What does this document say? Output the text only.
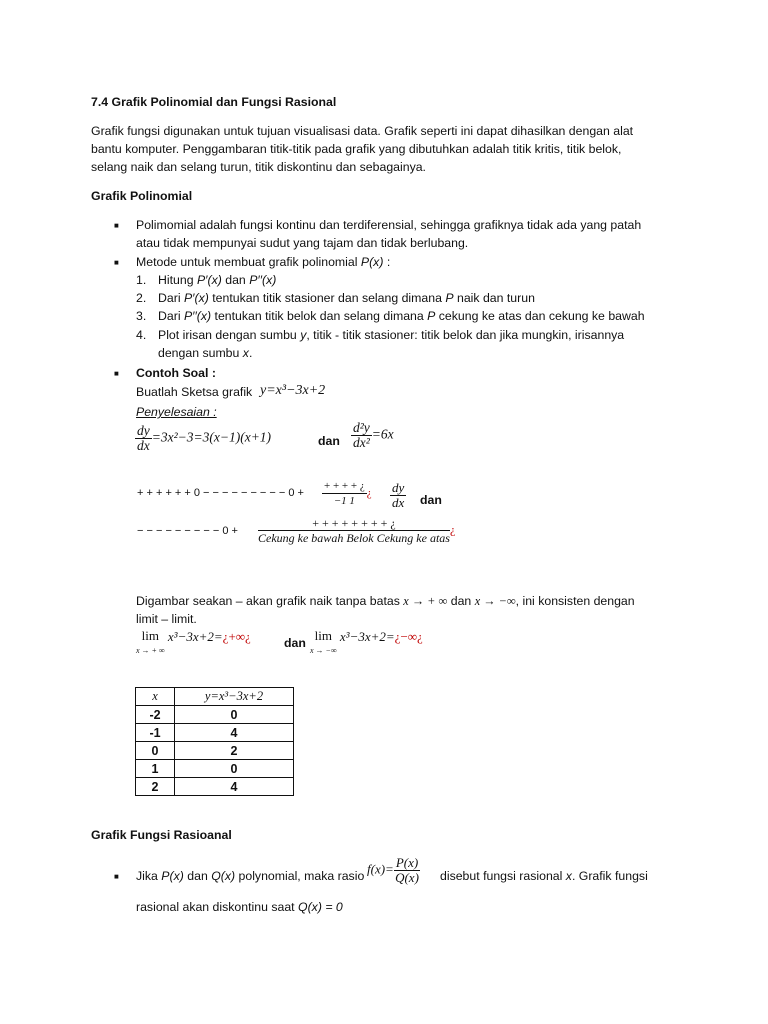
7.4 Grafik Polinomial dan Fungsi Rasional
Grafik fungsi digunakan untuk tujuan visualisasi data. Grafik seperti ini dapat dihasilkan dengan alat
bantu komputer. Penggambaran titik-titik pada grafik yang dibutuhkan adalah titik kritis, titik belok,
selang naik dan selang turun, titik diskontinu dan sebagainya.
Grafik Polinomial
■ Polimomial adalah fungsi kontinu dan terdiferensial, sehingga grafiknya tidak ada yang patah
atau tidak mempunyai sudut yang tajam dan tidak berlubang.
■ Metode untuk membuat grafik polinomial P(x) :
1. Hitung P′(x) dan P′′(x)
2. Dari P′(x) tentukan titik stasioner dan selang dimana P naik dan turun
3. Dari P′′(x) tentukan titik belok dan selang dimana P cekung ke atas dan cekung ke bawah
4. Plot irisan dengan sumbu y, titik - titik stasioner: titik belok dan jika mungkin, irisannya
dengan sumbu x.
■ Contoh Soal :
Buatlah Sketsa grafik y=x³−3x+2
Penyelesaian :
$\frac{dy}{dx} =3x^2-3=3(x-1)(x+1)$	dan $\frac{\text{d²y}}{\text{dx²}} =6x$
+ + + + + + 0 − − − − − − − − − $0 + \frac{+ + + + ¿}{-1 1}$ ¿ $\frac{dy}{dx}$ dan
− − − − − − − − − $0 + \frac{+ + + + + + + + ¿}{\text{Cekung ke bawah Belok Cekung ke atas}}$ ¿
Digambar seakan – akan grafik naik tanpa batas x → + ∞ dan x → −∞, ini konsisten dengan
limit – limit.
lim
x → + ∞ x³−3x+2=¿+∞¿	dan lim
x → −∞ x³−3x+2=¿−∞¿
x	y=x³−3x+2
-2	0
-1	4
0	2
1	0
2	4
Grafik Fungsi Rasioanal
■ Jika P(x) dan Q(x) polynomial, maka rasio $f(x)= \frac{P(x)}{Q(x)}$ disebut fungsi rasional x. Grafik fungsi
rasional akan diskontinu saat Q(x) = 0
